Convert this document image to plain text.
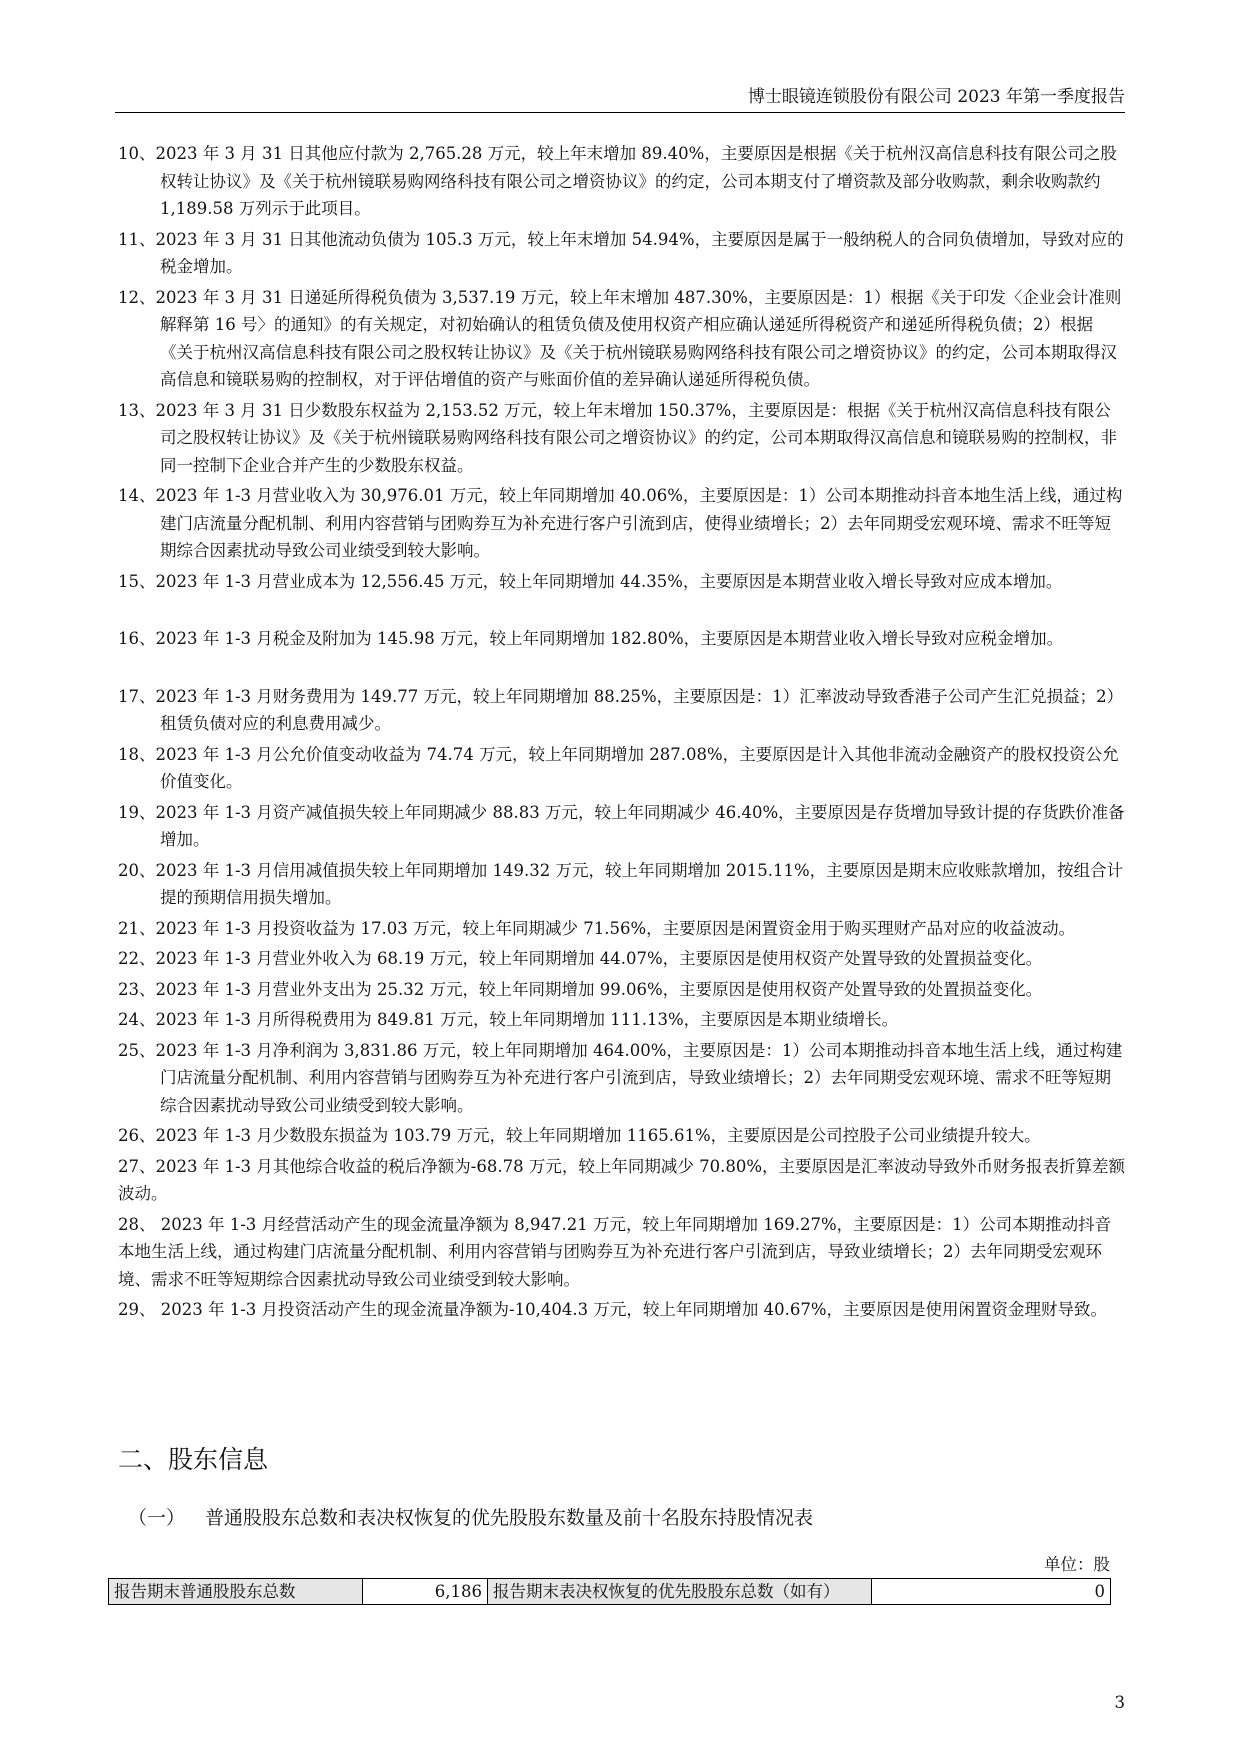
博士眼镜连锁股份有限公司 2023 年第一季度报告

10、2023 年 3 月 31 日其他应付款为 2,765.28 万元，较上年末增加 89.40%，主要原因是根据《关于杭州汉高信息科技有限公司之股权转让协议》及《关于杭州镜联易购网络科技有限公司之增资协议》的约定，公司本期支付了增资款及部分收购款，剩余收购款约 1,189.58 万列示于此项目。

11、2023 年 3 月 31 日其他流动负债为 105.3 万元，较上年末增加 54.94%，主要原因是属于一般纳税人的合同负债增加，导致对应的税金增加。

12、2023 年 3 月 31 日递延所得税负债为 3,537.19 万元，较上年末增加 487.30%，主要原因是：1）根据《关于印发〈企业会计准则解释第 16 号〉的通知》的有关规定，对初始确认的租赁负债及使用权资产相应确认递延所得税资产和递延所得税负债；2）根据《关于杭州汉高信息科技有限公司之股权转让协议》及《关于杭州镜联易购网络科技有限公司之增资协议》的约定，公司本期取得汉高信息和镜联易购的控制权，对于评估增值的资产与账面价值的差异确认递延所得税负债。

13、2023 年 3 月 31 日少数股东权益为 2,153.52 万元，较上年末增加 150.37%，主要原因是：根据《关于杭州汉高信息科技有限公司之股权转让协议》及《关于杭州镜联易购网络科技有限公司之增资协议》的约定，公司本期取得汉高信息和镜联易购的控制权，非同一控制下企业合并产生的少数股东权益。

14、2023 年 1-3 月营业收入为 30,976.01 万元，较上年同期增加 40.06%，主要原因是：1）公司本期推动抖音本地生活上线，通过构建门店流量分配机制、利用内容营销与团购券互为补充进行客户引流到店，使得业绩增长；2）去年同期受宏观环境、需求不旺等短期综合因素扰动导致公司业绩受到较大影响。

15、2023 年 1-3 月营业成本为 12,556.45 万元，较上年同期增加 44.35%，主要原因是本期营业收入增长导致对应成本增加。

16、2023 年 1-3 月税金及附加为 145.98 万元，较上年同期增加 182.80%，主要原因是本期营业收入增长导致对应税金增加。

17、2023 年 1-3 月财务费用为 149.77 万元，较上年同期增加 88.25%，主要原因是：1）汇率波动导致香港子公司产生汇兑损益；2）租赁负债对应的利息费用减少。

18、2023 年 1-3 月公允价值变动收益为 74.74 万元，较上年同期增加 287.08%，主要原因是计入其他非流动金融资产的股权投资公允价值变化。

19、2023 年 1-3 月资产减值损失较上年同期减少 88.83 万元，较上年同期减少 46.40%，主要原因是存货增加导致计提的存货跌价准备增加。

20、2023 年 1-3 月信用减值损失较上年同期增加 149.32 万元，较上年同期增加 2015.11%，主要原因是期末应收账款增加，按组合计提的预期信用损失增加。

21、2023 年 1-3 月投资收益为 17.03 万元，较上年同期减少 71.56%，主要原因是闲置资金用于购买理财产品对应的收益波动。

22、2023 年 1-3 月营业外收入为 68.19 万元，较上年同期增加 44.07%，主要原因是使用权资产处置导致的处置损益变化。

23、2023 年 1-3 月营业外支出为 25.32 万元，较上年同期增加 99.06%，主要原因是使用权资产处置导致的处置损益变化。

24、2023 年 1-3 月所得税费用为 849.81 万元，较上年同期增加 111.13%，主要原因是本期业绩增长。

25、2023 年 1-3 月净利润为 3,831.86 万元，较上年同期增加 464.00%，主要原因是：1）公司本期推动抖音本地生活上线，通过构建门店流量分配机制、利用内容营销与团购券互为补充进行客户引流到店，导致业绩增长；2）去年同期受宏观环境、需求不旺等短期综合因素扰动导致公司业绩受到较大影响。

26、2023 年 1-3 月少数股东损益为 103.79 万元，较上年同期增加 1165.61%，主要原因是公司控股子公司业绩提升较大。

27、2023 年 1-3 月其他综合收益的税后净额为-68.78 万元，较上年同期减少 70.80%，主要原因是汇率波动导致外币财务报表折算差额波动。

28、 2023 年 1-3 月经营活动产生的现金流量净额为 8,947.21 万元，较上年同期增加 169.27%，主要原因是：1）公司本期推动抖音本地生活上线，通过构建门店流量分配机制、利用内容营销与团购券互为补充进行客户引流到店，导致业绩增长；2）去年同期受宏观环境、需求不旺等短期综合因素扰动导致公司业绩受到较大影响。

29、 2023 年 1-3 月投资活动产生的现金流量净额为-10,404.3 万元，较上年同期增加 40.67%，主要原因是使用闲置资金理财导致。

二、股东信息
（一） 普通股股东总数和表决权恢复的优先股股东数量及前十名股东持股情况表
单位：股
报告期末普通股股东总数	6,186	报告期末表决权恢复的优先股股东总数（如有）	0
3
